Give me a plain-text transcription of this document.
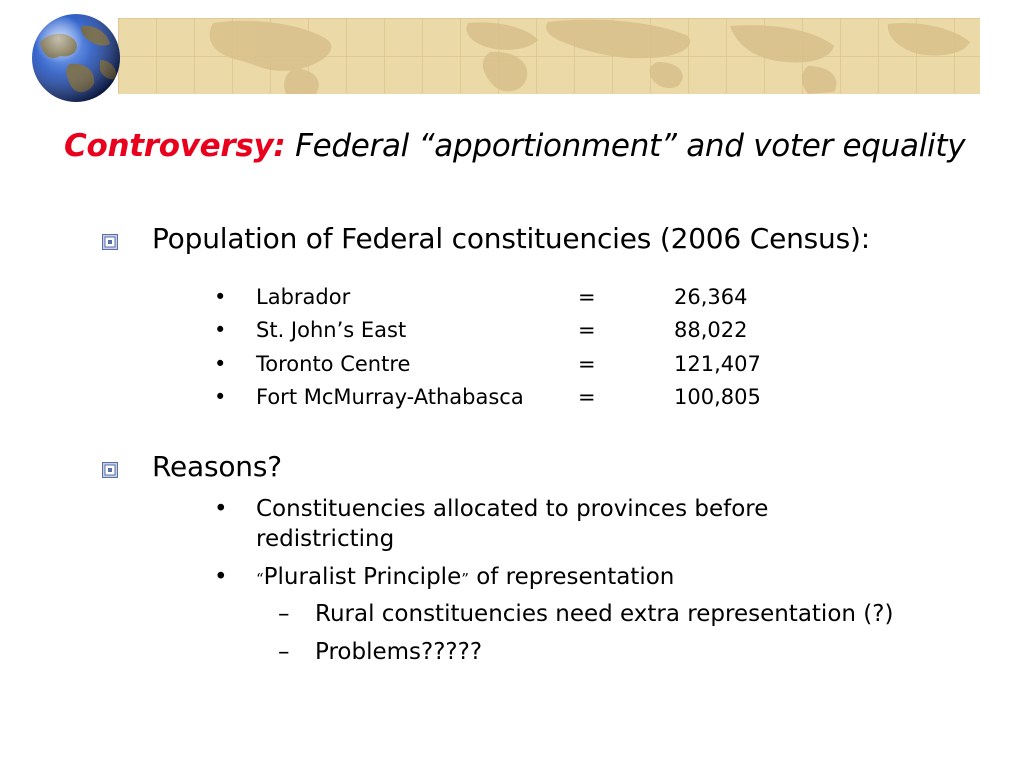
Controversy: Federal “apportionment” and voter equality
Population of Federal constituencies (2006 Census):
•	Labrador	=	26,364
•	St. John’s East	=	88,022
•	Toronto Centre	=	121,407
•	Fort McMurray-Athabasca	=	100,805
Reasons?
• Constituencies allocated to provinces before
redistricting
• “Pluralist Principle” of representation
– Rural constituencies need extra representation (?)
– Problems?????
